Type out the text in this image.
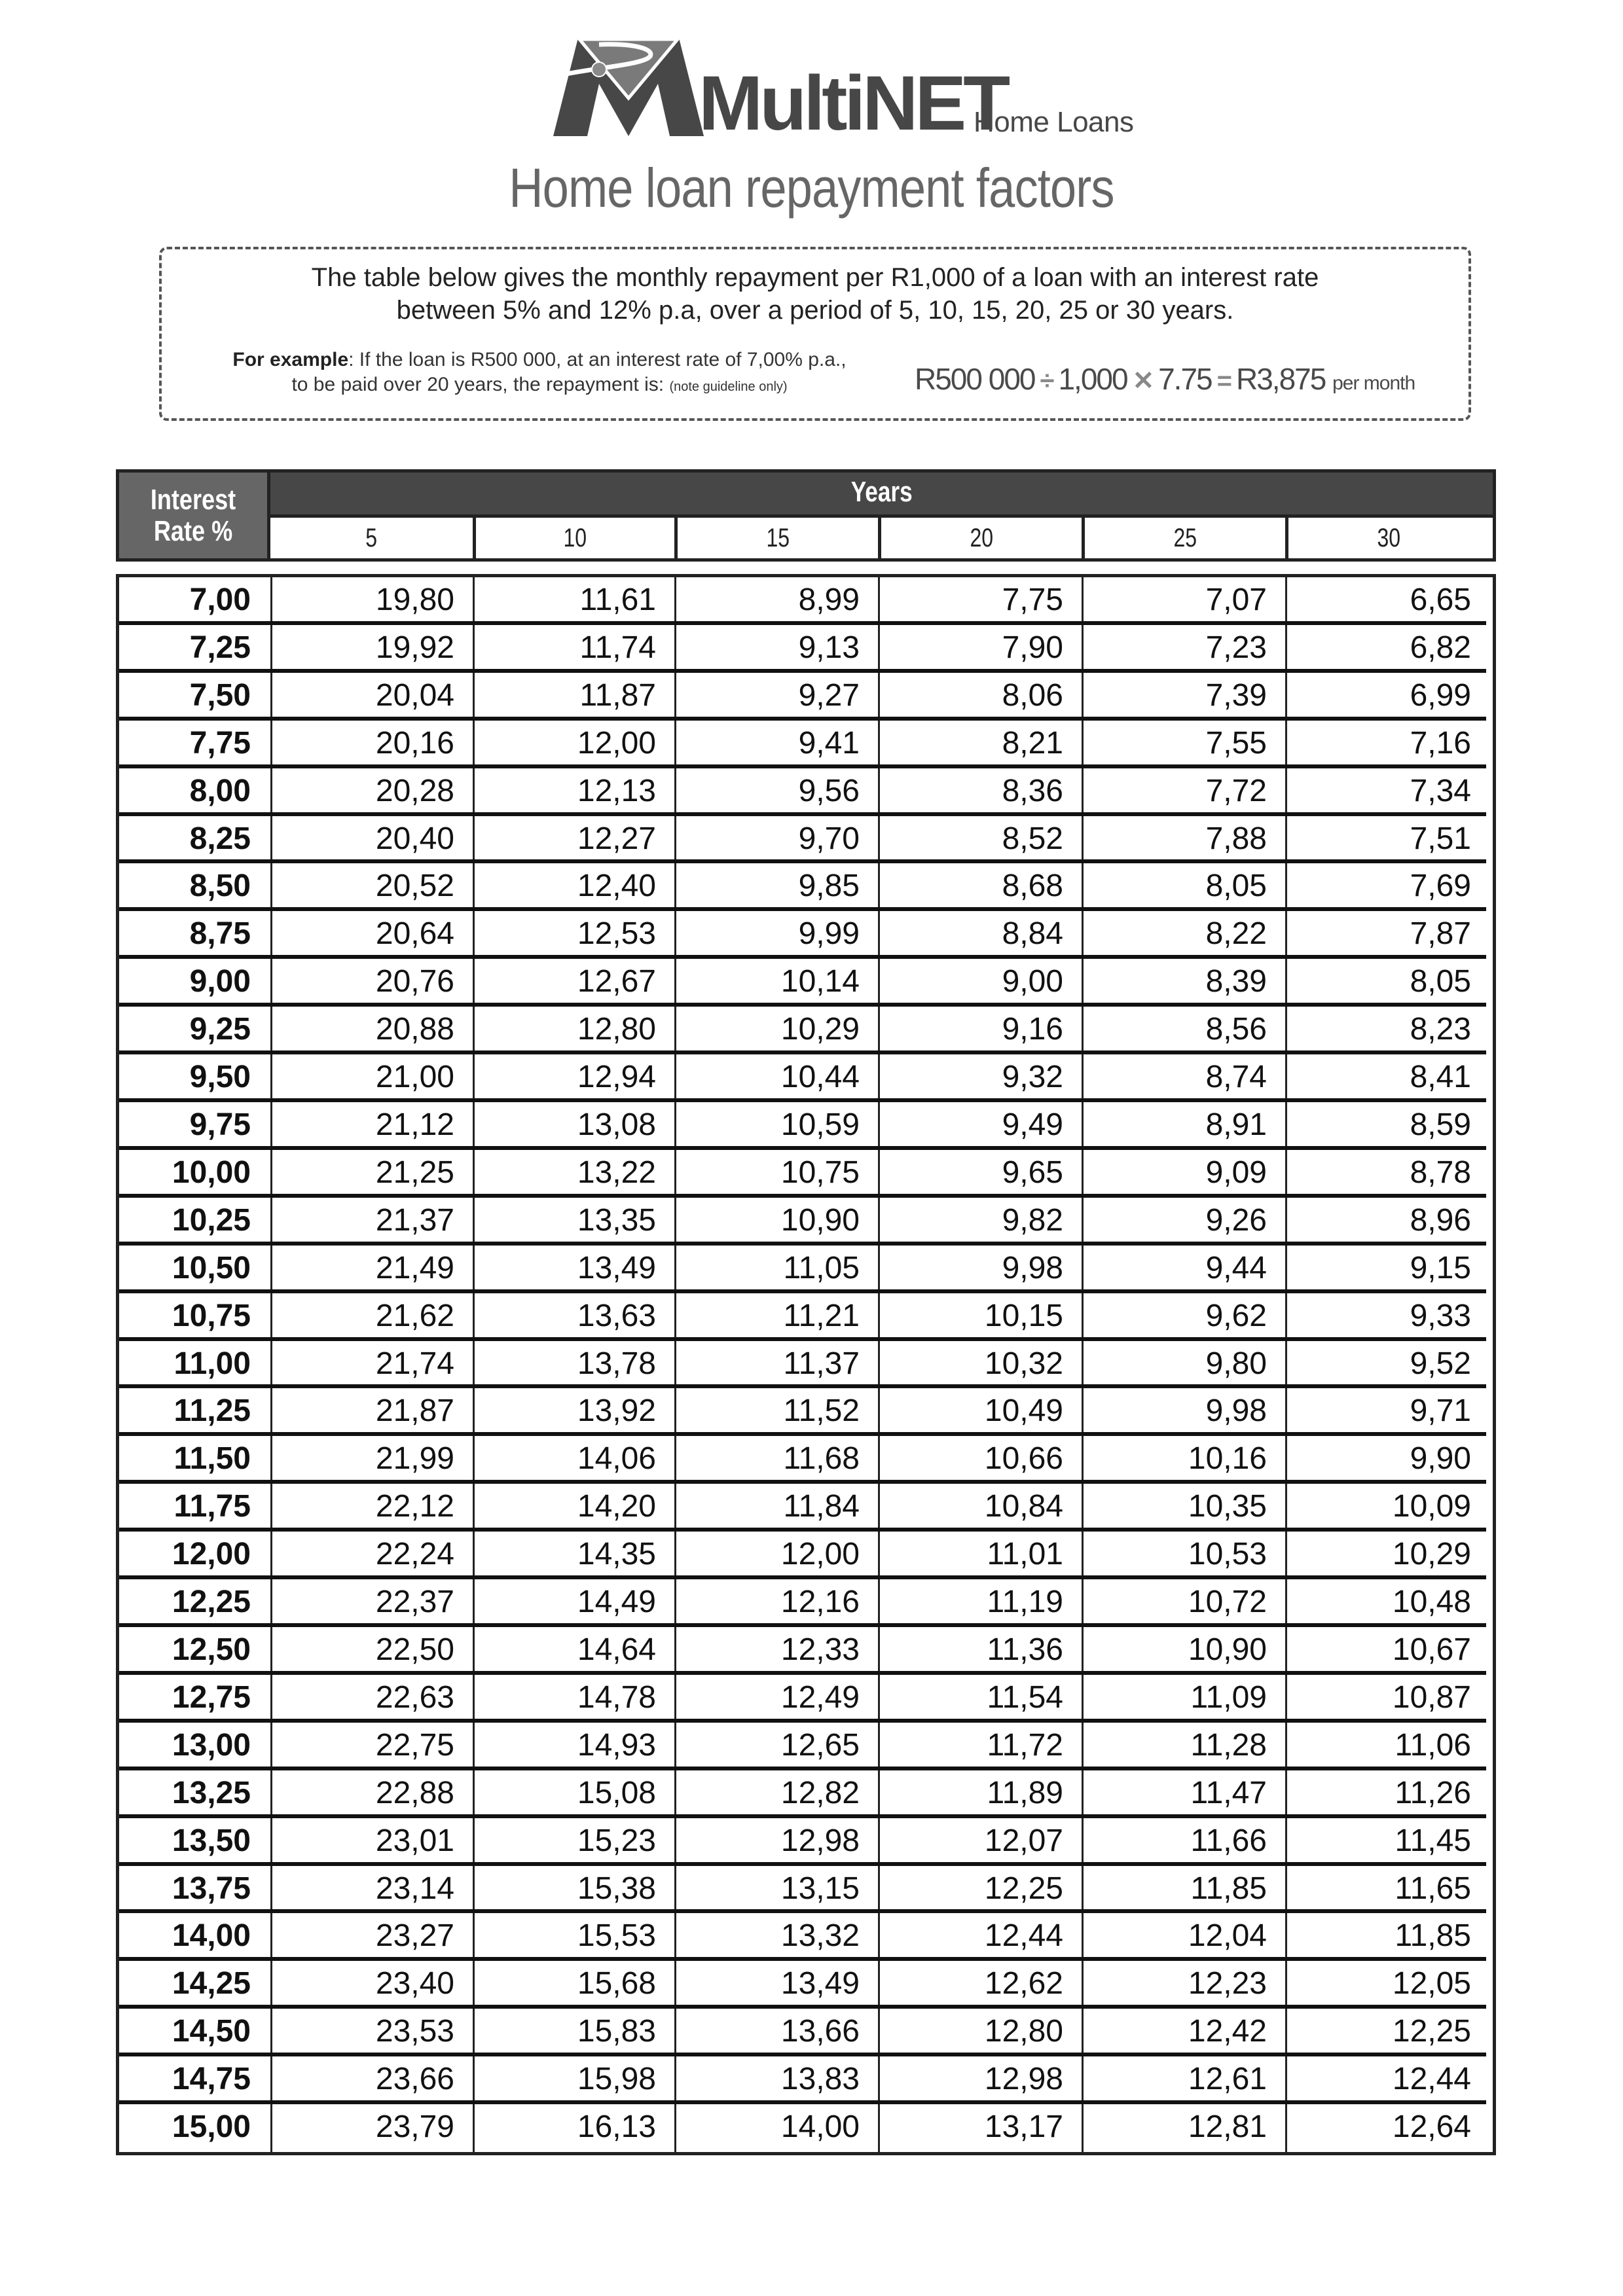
MultiNET
Home Loans
Home loan repayment factors
The table below gives the monthly repayment per R1,000 of a loan with an interest rate
between 5% and 12% p.a, over a period of 5, 10, 15, 20, 25 or 30 years.
For example: If the loan is R500 000, at an interest rate of 7,00% p.a.,
to be paid over 20 years, the repayment is: (note guideline only)	R500 000 ÷ 1,000 ✕ 7.75 = R3,875 per month
Interest
Rate %
Years
5	10	15	20	25	30
7,00	19,80	11,61	8,99	7,75	7,07	6,65
7,25	19,92	11,74	9,13	7,90	7,23	6,82
7,50	20,04	11,87	9,27	8,06	7,39	6,99
7,75	20,16	12,00	9,41	8,21	7,55	7,16
8,00	20,28	12,13	9,56	8,36	7,72	7,34
8,25	20,40	12,27	9,70	8,52	7,88	7,51
8,50	20,52	12,40	9,85	8,68	8,05	7,69
8,75	20,64	12,53	9,99	8,84	8,22	7,87
9,00	20,76	12,67	10,14	9,00	8,39	8,05
9,25	20,88	12,80	10,29	9,16	8,56	8,23
9,50	21,00	12,94	10,44	9,32	8,74	8,41
9,75	21,12	13,08	10,59	9,49	8,91	8,59
10,00	21,25	13,22	10,75	9,65	9,09	8,78
10,25	21,37	13,35	10,90	9,82	9,26	8,96
10,50	21,49	13,49	11,05	9,98	9,44	9,15
10,75	21,62	13,63	11,21	10,15	9,62	9,33
11,00	21,74	13,78	11,37	10,32	9,80	9,52
11,25	21,87	13,92	11,52	10,49	9,98	9,71
11,50	21,99	14,06	11,68	10,66	10,16	9,90
11,75	22,12	14,20	11,84	10,84	10,35	10,09
12,00	22,24	14,35	12,00	11,01	10,53	10,29
12,25	22,37	14,49	12,16	11,19	10,72	10,48
12,50	22,50	14,64	12,33	11,36	10,90	10,67
12,75	22,63	14,78	12,49	11,54	11,09	10,87
13,00	22,75	14,93	12,65	11,72	11,28	11,06
13,25	22,88	15,08	12,82	11,89	11,47	11,26
13,50	23,01	15,23	12,98	12,07	11,66	11,45
13,75	23,14	15,38	13,15	12,25	11,85	11,65
14,00	23,27	15,53	13,32	12,44	12,04	11,85
14,25	23,40	15,68	13,49	12,62	12,23	12,05
14,50	23,53	15,83	13,66	12,80	12,42	12,25
14,75	23,66	15,98	13,83	12,98	12,61	12,44
15,00	23,79	16,13	14,00	13,17	12,81	12,64
